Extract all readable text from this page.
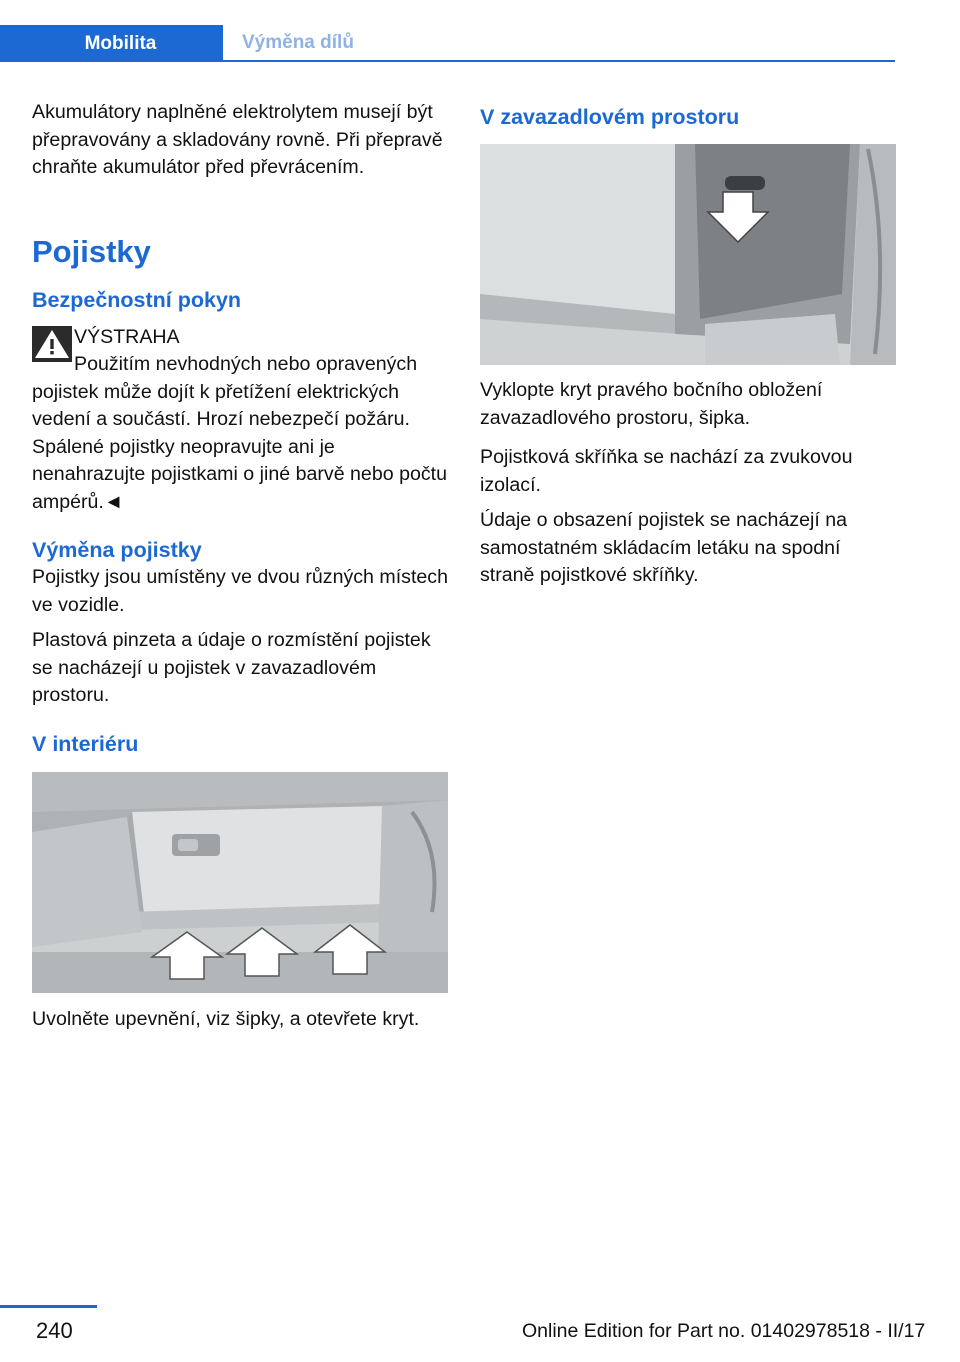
Mobilita	Výměna dílů

Akumulátory naplněné elektrolytem musejí být přepravovány a skladovány rovně. Při přepravě chraňte akumulátor před převrácením.

Pojistky
Bezpečnostní pokyn

VÝSTRAHA

Použitím nevhodných nebo opravených pojistek může dojít k přetížení elektrických vedení a součástí. Hrozí nebezpečí požáru. Spálené pojistky neopravujte ani je nenahrazujte pojistkami o jiné barvě nebo počtu ampérů.◄

Výměna pojistky

Pojistky jsou umístěny ve dvou různých místech ve vozidle.

Plastová pinzeta a údaje o rozmístění pojistek se nacházejí u pojistek v zavazadlovém prostoru.

V interiéru

Uvolněte upevnění, viz šipky, a otevřete kryt.

V zavazadlovém prostoru

Vyklopte kryt pravého bočního obložení zavazadlového prostoru, šipka.

Pojistková skříňka se nachází za zvukovou izolací.

Údaje o obsazení pojistek se nacházejí na samostatném skládacím letáku na spodní straně pojistkové skříňky.

240	Online Edition for Part no. 01402978518 - II/17
